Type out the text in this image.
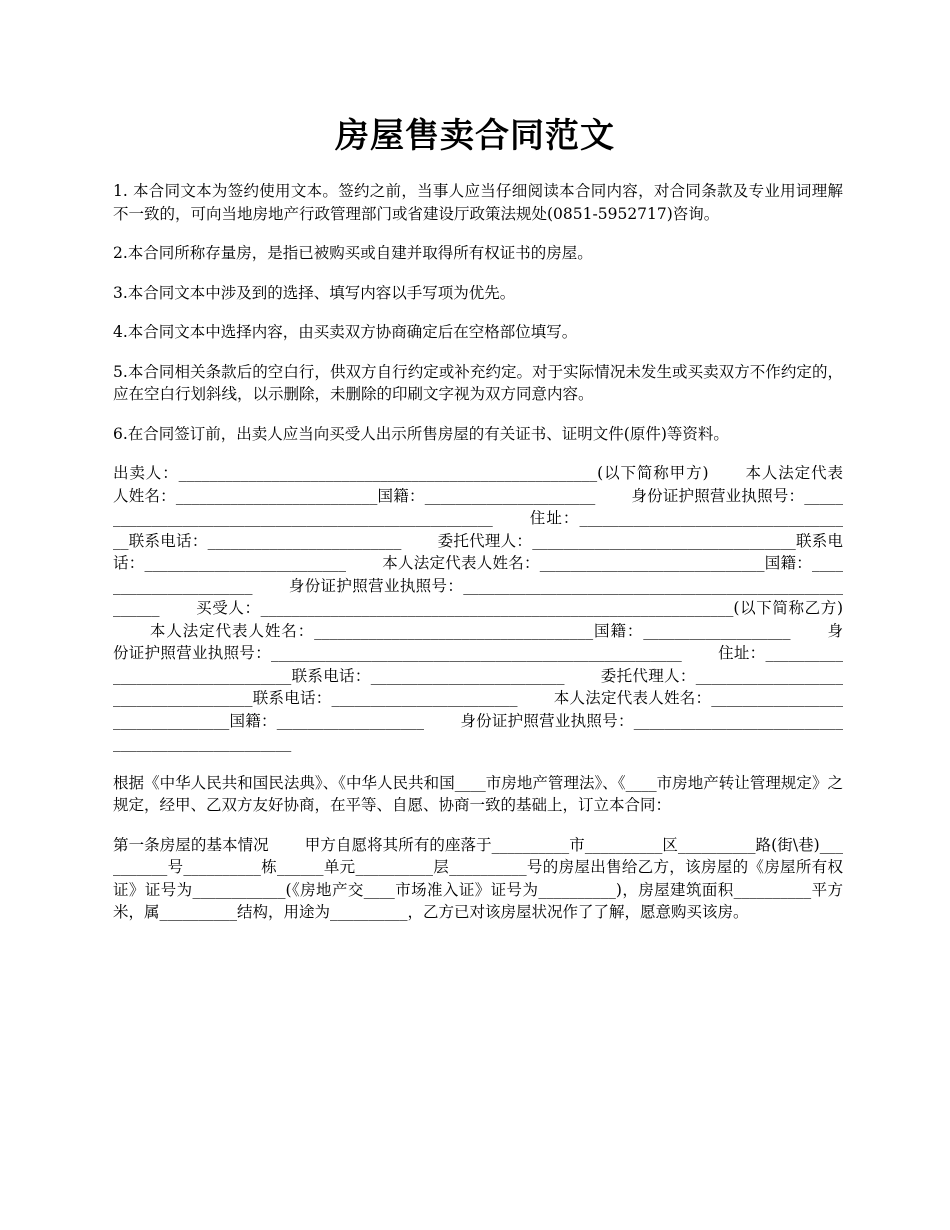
房屋售卖合同范文

1. 本合同文本为签约使用文本。签约之前，当事人应当仔细阅读本合同内容，对合同条款及专业用词理解不一致的，可向当地房地产行政管理部门或省建设厅政策法规处(0851-5952717)咨询。

2.本合同所称存量房，是指已被购买或自建并取得所有权证书的房屋。

3.本合同文本中涉及到的选择、填写内容以手写项为优先。

4.本合同文本中选择内容，由买卖双方协商确定后在空格部位填写。

5.本合同相关条款后的空白行，供双方自行约定或补充约定。对于实际情况未发生或买卖双方不作约定的，应在空白行划斜线，以示删除，未删除的印刷文字视为双方同意内容。

6.在合同签订前，出卖人应当向买受人出示所售房屋的有关证书、证明文件(原件)等资料。

出卖人：______________________________________________________(以下简称甲方) 本人法定代表人姓名：__________________________国籍：______________________ 身份证护照营业执照号：______________________________________________________ 住址：____________________________________联系电话：_________________________ 委托代理人：__________________________________联系电话：__________________________ 本人法定代表人姓名：_____________________________国籍：______________________ 身份证护照营业执照号：_______________________________________________________ 买受人：_____________________________________________________________(以下简称乙方)本人法定代表人姓名：____________________________________国籍：___________________ 身份证护照营业执照号：_____________________________________________________ 住址：_________________________________联系电话：_________________________ 委托代理人：_____________________________________联系电话：________________________ 本人法定代表人姓名：________________________________国籍：___________________ 身份证护照营业执照号：__________________________________________________

根据《中华人民共和国民法典》、《中华人民共和国____市房地产管理法》、《____市房地产转让管理规定》之规定，经甲、乙双方友好协商，在平等、自愿、协商一致的基础上，订立本合同：

第一条房屋的基本情况 甲方自愿将其所有的座落于__________市__________区__________路(街\巷)__________号__________栋______单元__________层__________号的房屋出售给乙方，该房屋的《房屋所有权证》证号为____________(《房地产交____市场准入证》证号为__________)，房屋建筑面积__________平方米，属__________结构，用途为__________，乙方已对该房屋状况作了了解，愿意购买该房。
